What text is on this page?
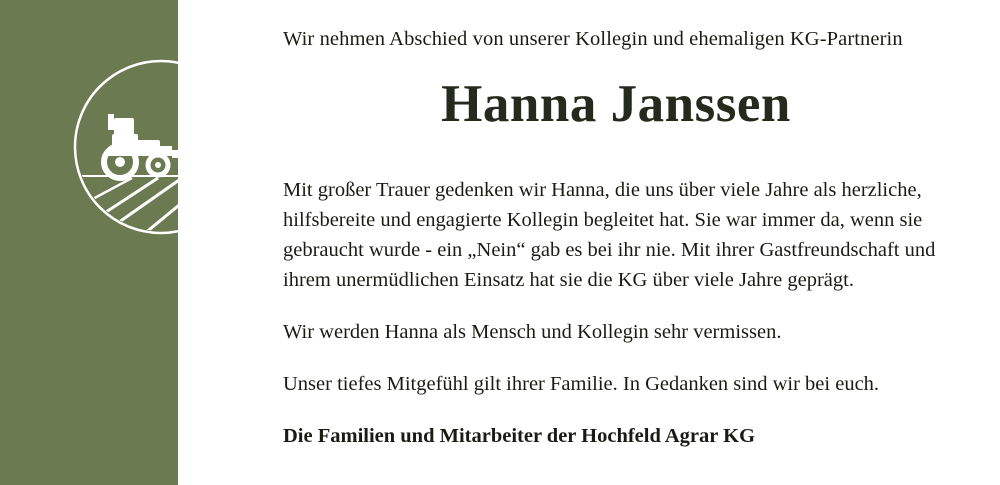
Wir nehmen Abschied von unserer Kollegin und ehemaligen KG-Partnerin
Hanna Janssen
Mit großer Trauer gedenken wir Hanna, die uns über viele Jahre als herzliche, hilfsbereite und engagierte Kollegin begleitet hat. Sie war immer da, wenn sie gebraucht wurde - ein „Nein“ gab es bei ihr nie. Mit ihrer Gastfreundschaft und ihrem unermüdlichen Einsatz hat sie die KG über viele Jahre geprägt.
Wir werden Hanna als Mensch und Kollegin sehr vermissen.
Unser tiefes Mitgefühl gilt ihrer Familie. In Gedanken sind wir bei euch.
Die Familien und Mitarbeiter der Hochfeld Agrar KG
